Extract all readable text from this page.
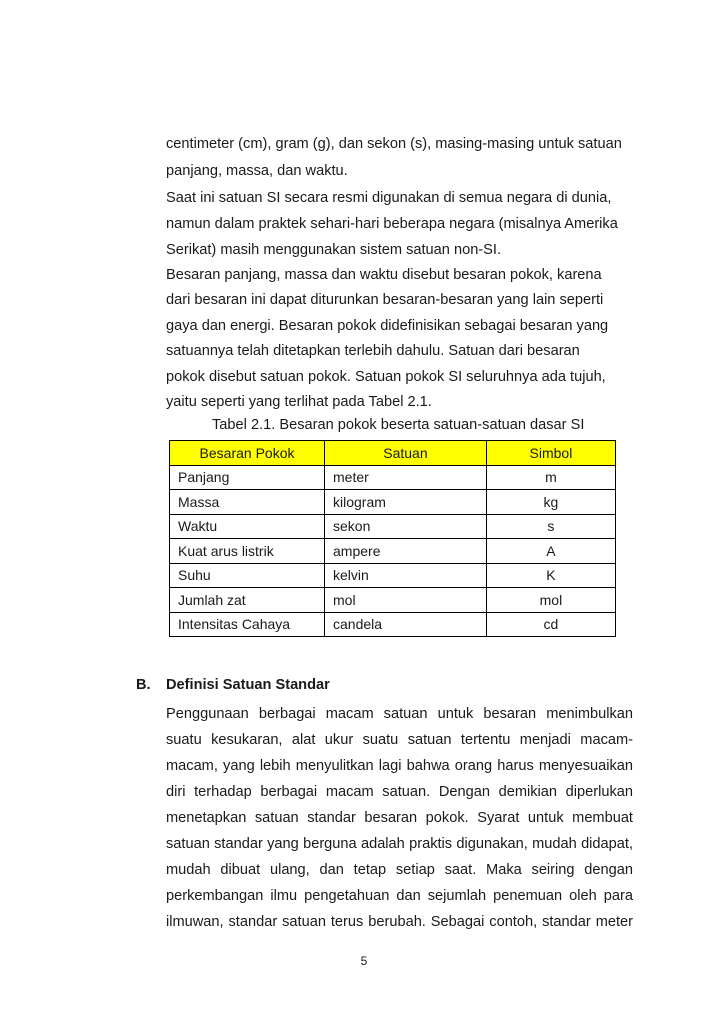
centimeter (cm), gram (g), dan sekon (s), masing-masing untuk satuan
panjang, massa, dan waktu.
Saat ini satuan SI secara resmi digunakan di semua negara di dunia,
namun dalam praktek sehari-hari beberapa negara (misalnya Amerika
Serikat) masih menggunakan sistem satuan non-SI.
Besaran panjang, massa dan waktu disebut besaran pokok, karena
dari besaran ini dapat diturunkan besaran-besaran yang lain seperti
gaya dan energi. Besaran pokok didefinisikan sebagai besaran yang
satuannya telah ditetapkan terlebih dahulu. Satuan dari besaran
pokok disebut satuan pokok. Satuan pokok SI seluruhnya ada tujuh,
yaitu seperti yang terlihat pada Tabel 2.1.
Tabel 2.1. Besaran pokok beserta satuan-satuan dasar SI
Besaran Pokok	Satuan	Simbol
Panjang	meter	m
Massa	kilogram	kg
Waktu	sekon	s
Kuat arus listrik	ampere	A
Suhu	kelvin	K
Jumlah zat	mol	mol
Intensitas Cahaya	candela	cd
B. Definisi Satuan Standar
Penggunaan berbagai macam satuan untuk besaran menimbulkan
suatu kesukaran, alat ukur suatu satuan tertentu menjadi macam-
macam, yang lebih menyulitkan lagi bahwa orang harus menyesuaikan
diri terhadap berbagai macam satuan. Dengan demikian diperlukan
menetapkan satuan standar besaran pokok. Syarat untuk membuat
satuan standar yang berguna adalah praktis digunakan, mudah didapat,
mudah dibuat ulang, dan tetap setiap saat. Maka seiring dengan
perkembangan ilmu pengetahuan dan sejumlah penemuan oleh para
ilmuwan, standar satuan terus berubah. Sebagai contoh, standar meter
5
